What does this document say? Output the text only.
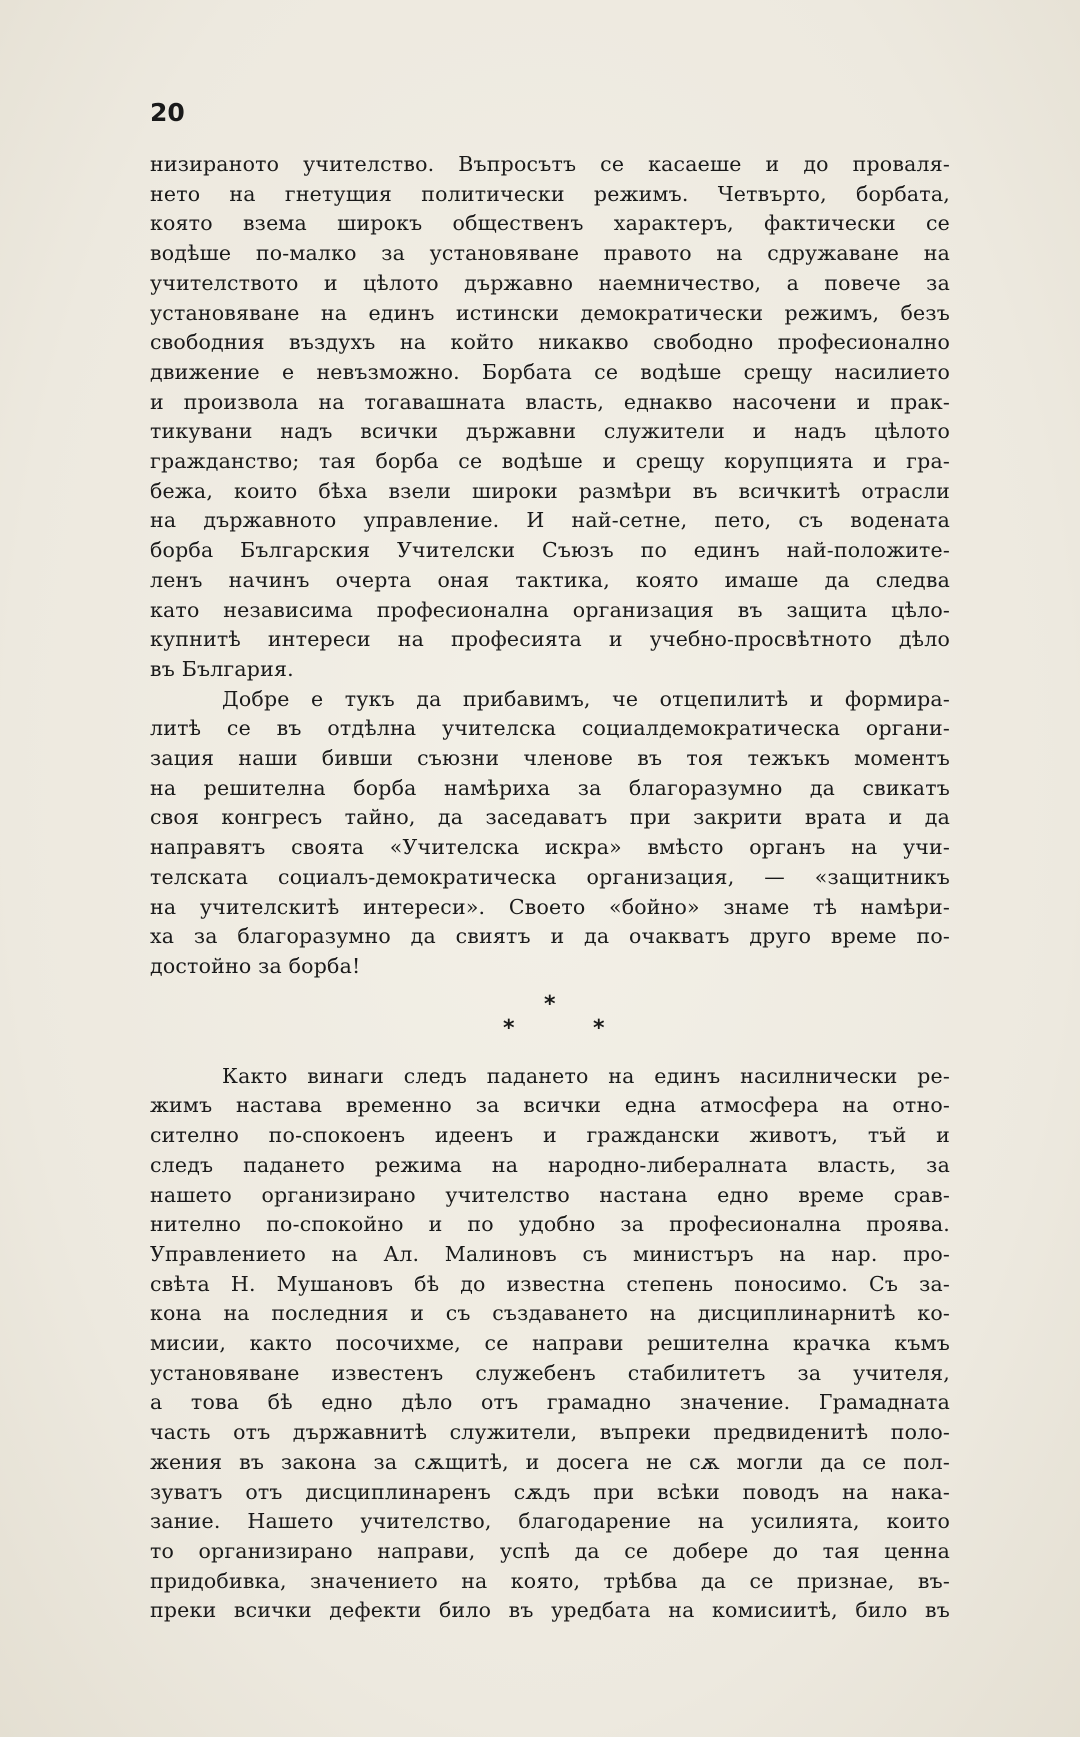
20
низираното учителство. Въпросътъ се касаеше и до проваля-
нето на гнетущия политически режимъ. Четвърто, борбата,
която взема широкъ общественъ характеръ, фактически се
водѣше по-малко за установяване правото на сдружаване на
учителството и цѣлото държавно наемничество, а повече за
установяване на единъ истински демократически режимъ, безъ
свободния въздухъ на който никакво свободно професионално
движение е невъзможно. Борбата се водѣше срещу насилието
и произвола на тогавашната власть, еднакво насочени и прак-
тикувани надъ всички държавни служители и надъ цѣлото
гражданство; тая борба се водѣше и срещу корупцията и гра-
бежа, които бѣха взели широки размѣри въ всичкитѣ отрасли
на държавното управление. И най-сетне, пето, съ водената
борба Българския Учителски Съюзъ по единъ най-положите-
ленъ начинъ очерта оная тактика, която имаше да следва
като независима професионална организация въ защита цѣло-
купнитѣ интереси на професията и учебно-просвѣтното дѣло
въ България.
Добре е тукъ да прибавимъ, че отцепилитѣ и формира-
литѣ се въ отдѣлна учителска социалдемократическа органи-
зация наши бивши съюзни членове въ тоя тежъкъ моментъ
на решителна борба намѣриха за благоразумно да свикатъ
своя конгресъ тайно, да заседаватъ при закрити врата и да
направятъ своята «Учителска искра» вмѣсто органъ на учи-
телската социалъ-демократическа организация, — «защитникъ
на учителскитѣ интереси». Своето «бойно» знаме тѣ намѣри-
ха за благоразумно да свиятъ и да очакватъ друго време по-
достойно за борба!
*
*	*
Както винаги следъ падането на единъ насилнически ре-
жимъ настава временно за всички една атмосфера на отно-
сително по-спокоенъ идеенъ и граждански животъ, тъй и
следъ падането режима на народно-либералната власть, за
нашето организирано учителство настана едно време срав-
нително по-спокойно и по удобно за професионална проява.
Управлението на Ал. Малиновъ съ министъръ на нар. про-
свѣта Н. Мушановъ бѣ до известна степень поносимо. Съ за-
кона на последния и съ създаването на дисциплинарнитѣ ко-
мисии, както посочихме, се направи решителна крачка къмъ
установяване известенъ служебенъ стабилитетъ за учителя,
а това бѣ едно дѣло отъ грамадно значение. Грамадната
часть отъ държавнитѣ служители, въпреки предвиденитѣ поло-
жения въ закона за сѫщитѣ, и досега не сѫ могли да се пол-
зуватъ отъ дисциплинаренъ сѫдъ при всѣки поводъ на нака-
зание. Нашето учителство, благодарение на усилията, които
то организирано направи, успѣ да се добере до тая ценна
придобивка, значението на която, трѣбва да се признае, въ-
преки всички дефекти било въ уредбата на комисиитѣ, било въ
